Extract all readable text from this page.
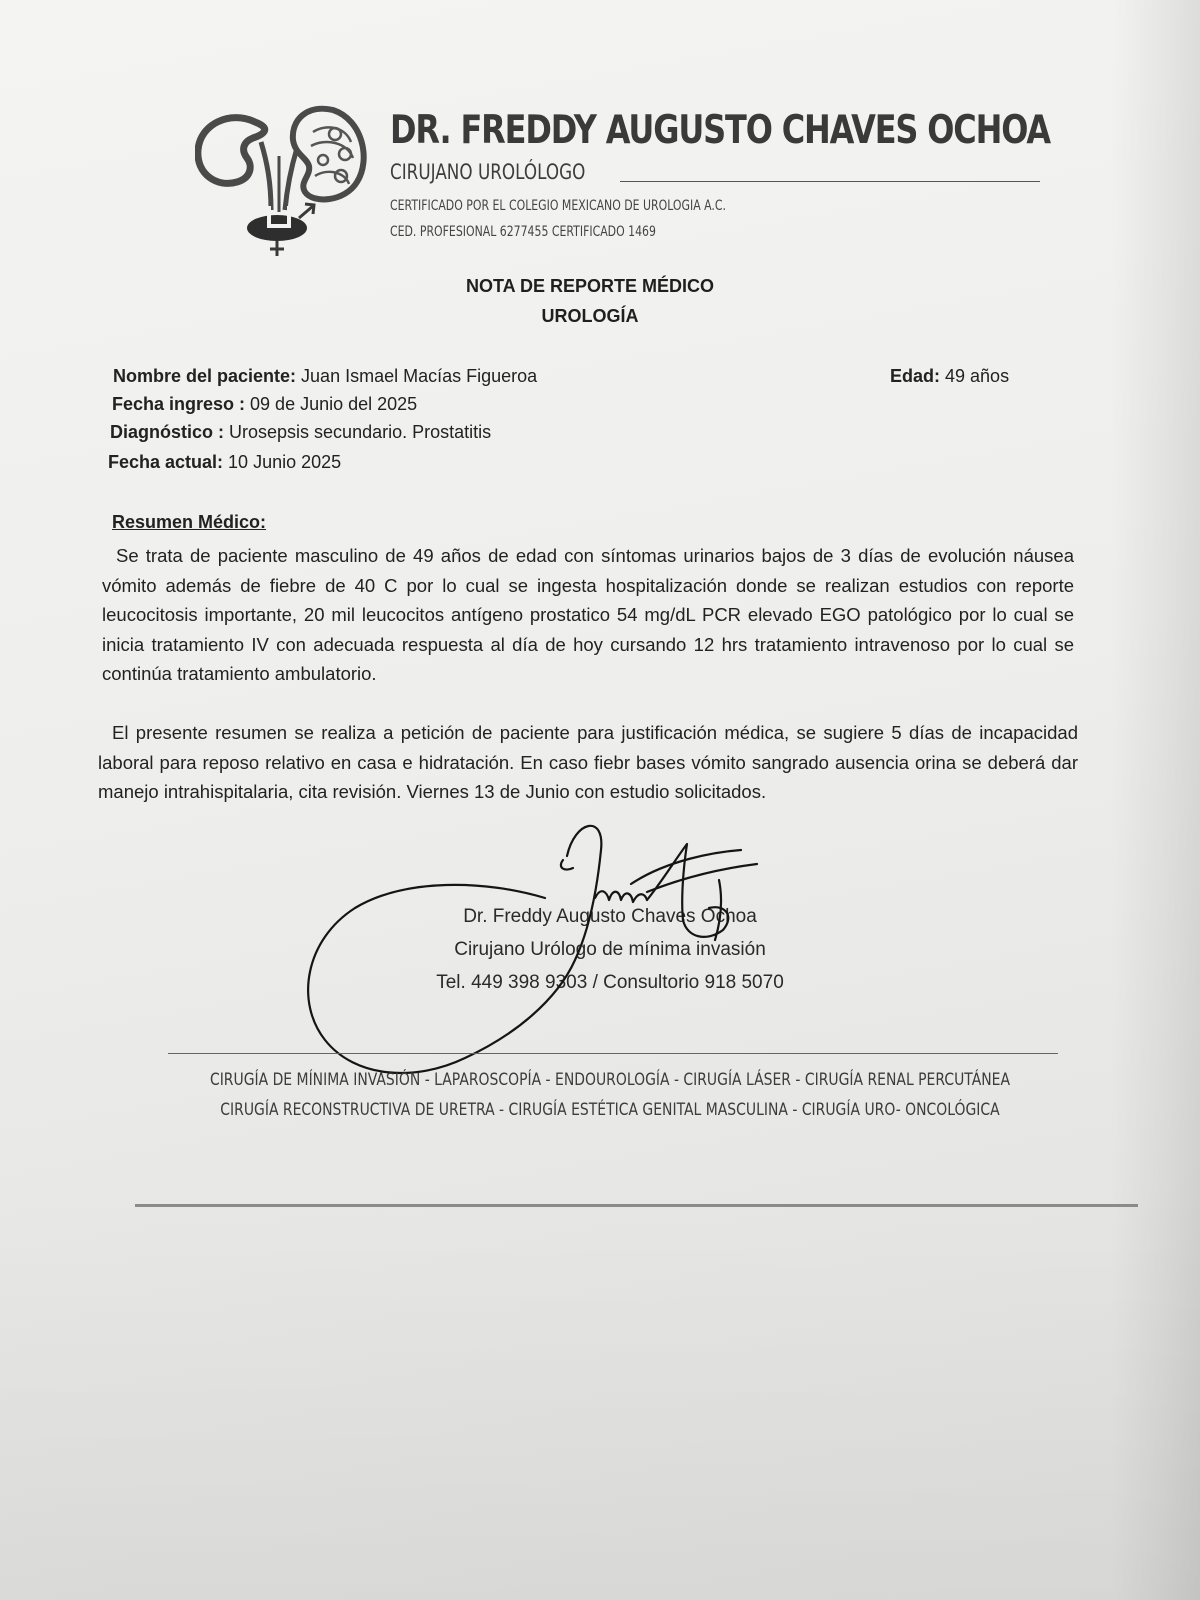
DR. FREDDY AUGUSTO CHAVES OCHOA
CIRUJANO UROLÓLOGO
CERTIFICADO POR EL COLEGIO MEXICANO DE UROLOGIA A.C.
CED. PROFESIONAL 6277455 CERTIFICADO 1469
NOTA DE REPORTE MÉDICO
UROLOGÍA
Nombre del paciente: Juan Ismael Macías Figueroa	Edad: 49 años
Fecha ingreso : 09 de Junio del 2025
Diagnóstico : Urosepsis secundario. Prostatitis
Fecha actual: 10 Junio 2025
Resumen Médico:
Se trata de paciente masculino de 49 años de edad con síntomas urinarios bajos de 3 días de evolución náusea vómito además de fiebre de 40 C por lo cual se ingesta hospitalización donde se realizan estudios con reporte leucocitosis importante, 20 mil leucocitos antígeno prostatico 54 mg/dL PCR elevado EGO patológico por lo cual se inicia tratamiento IV con adecuada respuesta al día de hoy cursando 12 hrs tratamiento intravenoso por lo cual se continúa tratamiento ambulatorio.
El presente resumen se realiza a petición de paciente para justificación médica, se sugiere 5 días de incapacidad laboral para reposo relativo en casa e hidratación. En caso fiebr bases vómito sangrado ausencia orina se deberá dar manejo intrahispitalaria, cita revisión. Viernes 13 de Junio con estudio solicitados.
Dr. Freddy Augusto Chaves Ochoa
Cirujano Urólogo de mínima invasión
Tel. 449 398 9303 / Consultorio 918 5070
CIRUGÍA DE MÍNIMA INVASIÓN - LAPAROSCOPÍA - ENDOUROLOGÍA - CIRUGÍA LÁSER - CIRUGÍA RENAL PERCUTÁNEA
CIRUGÍA RECONSTRUCTIVA DE URETRA - CIRUGÍA ESTÉTICA GENITAL MASCULINA - CIRUGÍA URO- ONCOLÓGICA
